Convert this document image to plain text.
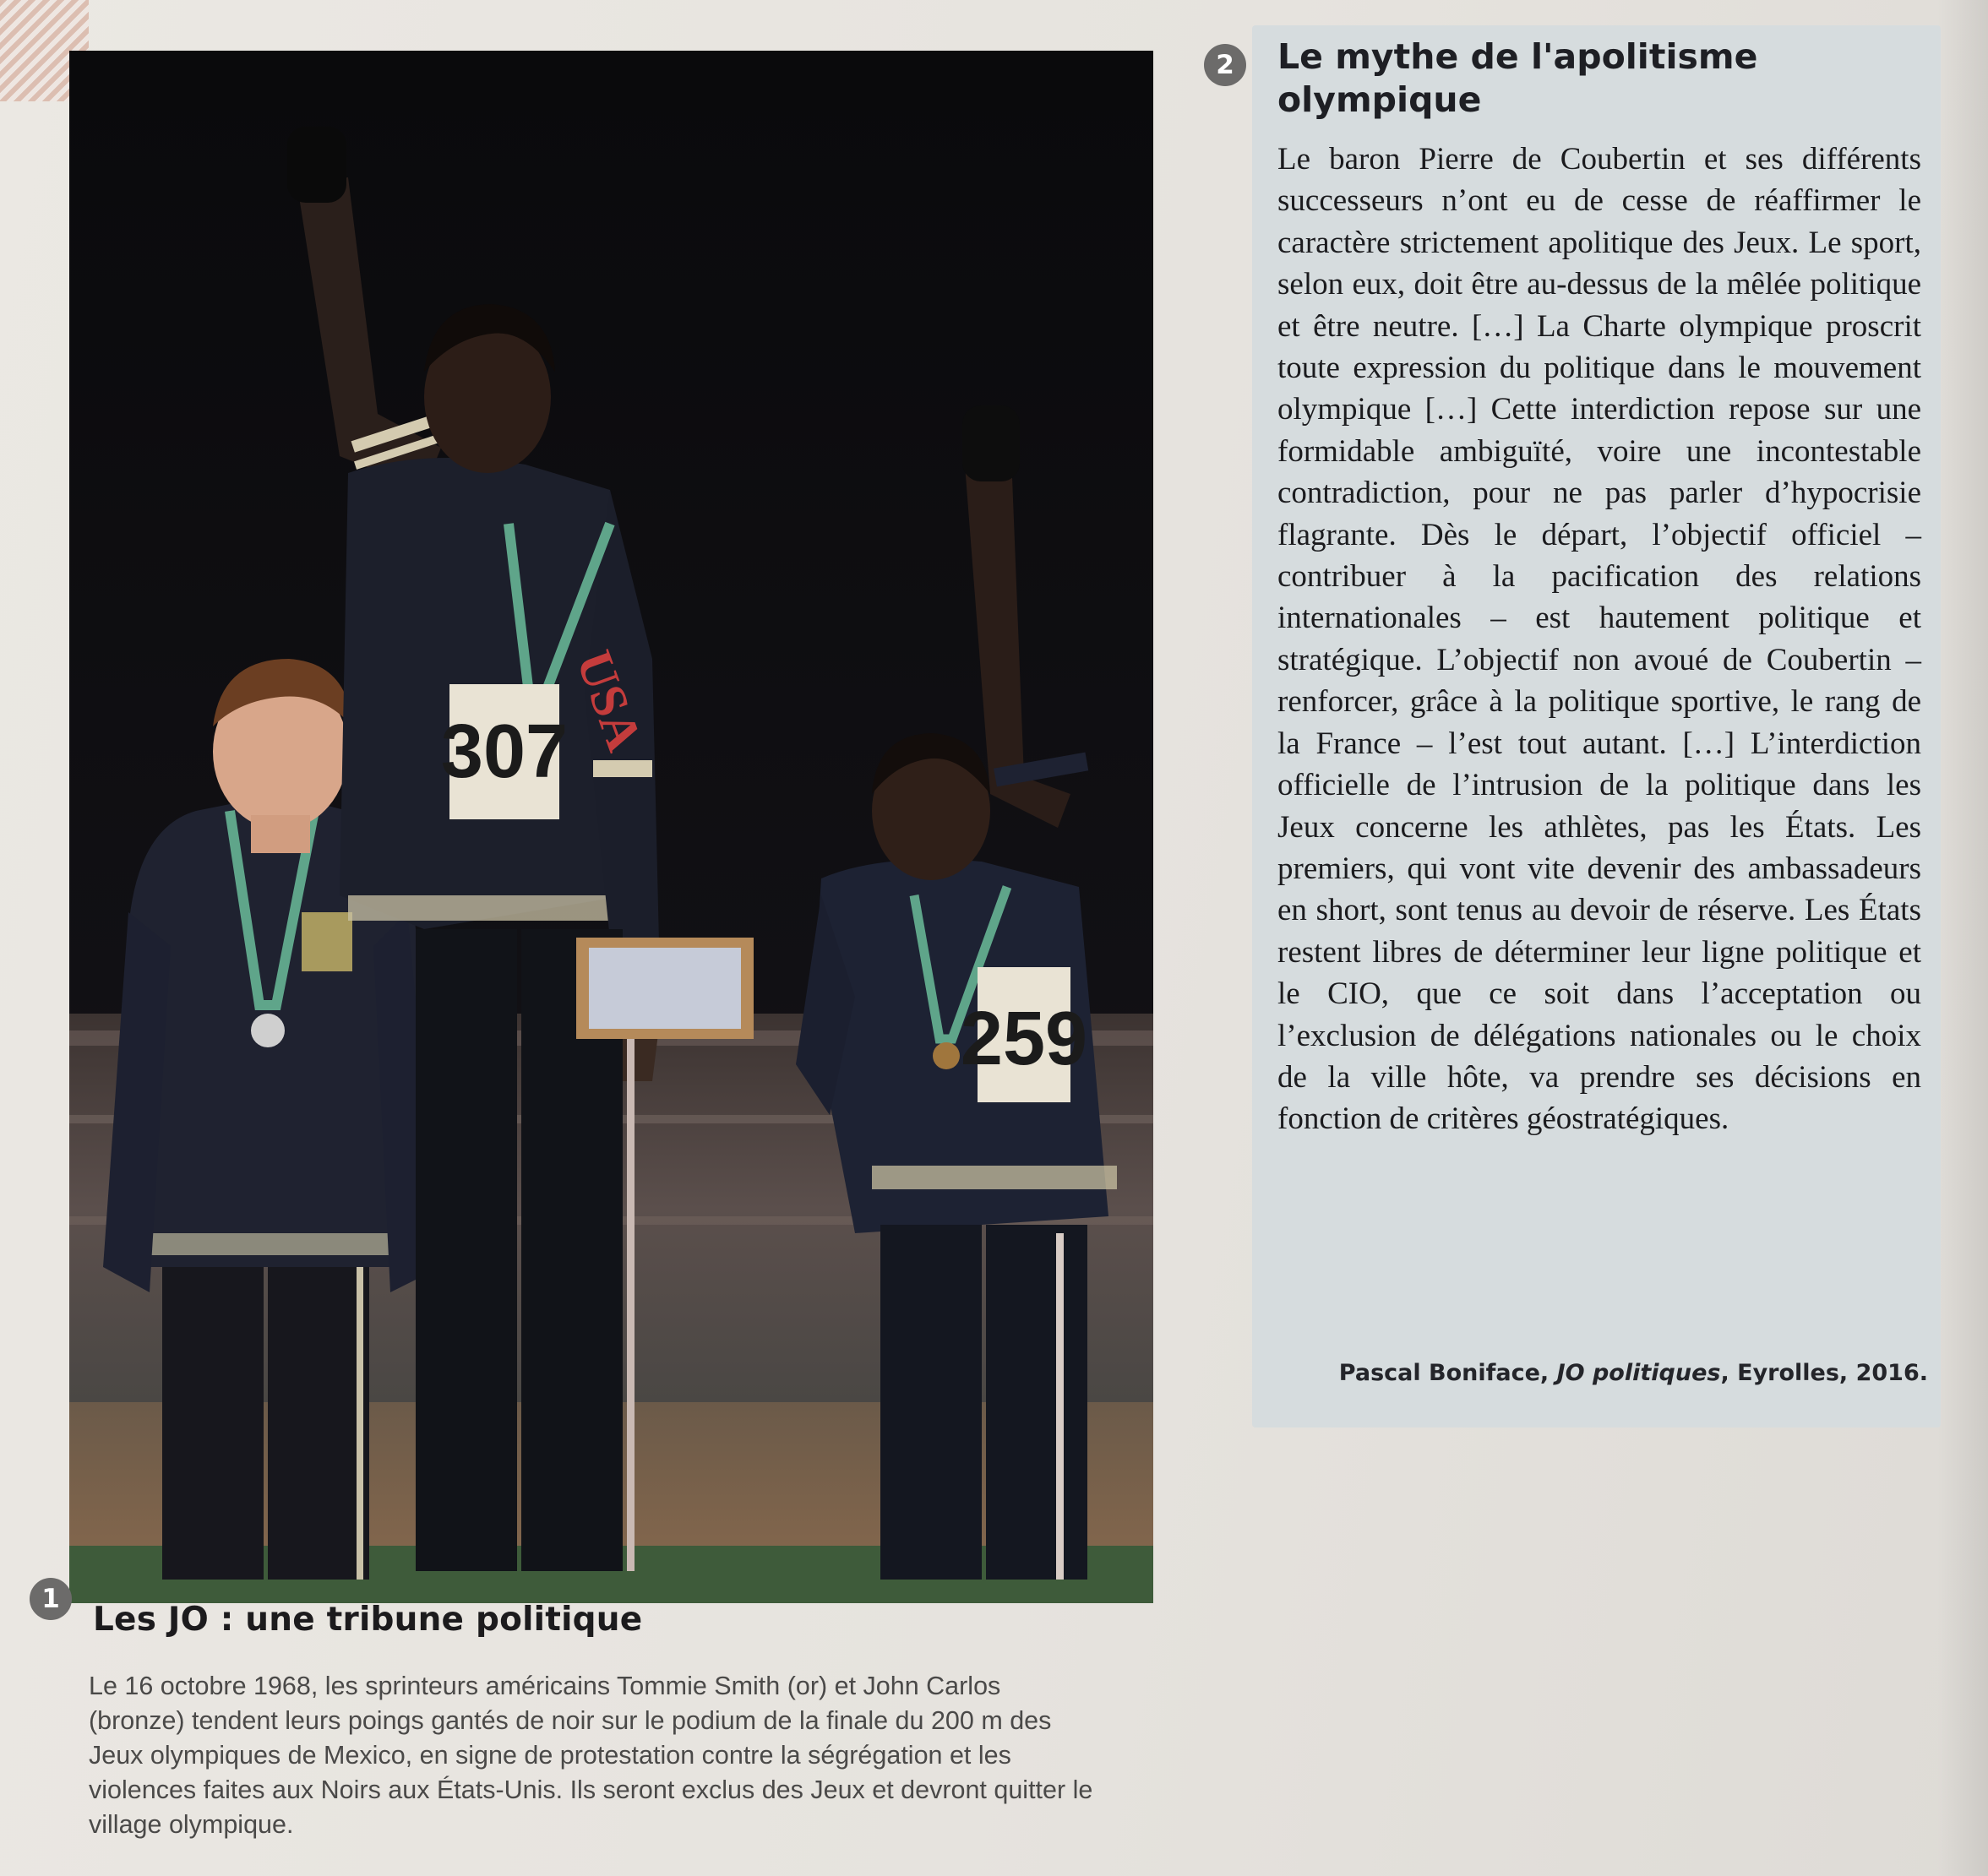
307
USA
259
1
Les JO : une tribune politique

Le 16 octobre 1968, les sprinteurs américains Tommie Smith (or) et John Carlos (bronze) tendent leurs poings gantés de noir sur le podium de la finale du 200 m des Jeux olympiques de Mexico, en signe de protestation contre la ségrégation et les violences faites aux Noirs aux États-Unis. Ils seront exclus des Jeux et devront quitter le village olympique.

2	Le mythe de l'apolitisme olympique

Le baron Pierre de Coubertin et ses différents successeurs n’ont eu de cesse de réaffirmer le caractère strictement apolitique des Jeux. Le sport, selon eux, doit être au-dessus de la mêlée politique et être neutre. […] La Charte olympique proscrit toute expression du politique dans le mouvement olympique […] Cette interdiction repose sur une formidable ambiguïté, voire une incontestable contradiction, pour ne pas parler d’hypocrisie flagrante. Dès le départ, l’objectif officiel – contribuer à la pacification des relations internationales – est hautement politique et stratégique. L’objectif non avoué de Coubertin – renforcer, grâce à la politique sportive, le rang de la France – l’est tout autant. […] L’interdiction officielle de l’intrusion de la politique dans les Jeux concerne les athlètes, pas les États. Les premiers, qui vont vite devenir des ambassadeurs en short, sont tenus au devoir de réserve. Les États restent libres de déterminer leur ligne politique et le CIO, que ce soit dans l’acceptation ou l’exclusion de délégations nationales ou le choix de la ville hôte, va prendre ses décisions en fonction de critères géostratégiques.

Pascal Boniface, JO politiques, Eyrolles, 2016.
